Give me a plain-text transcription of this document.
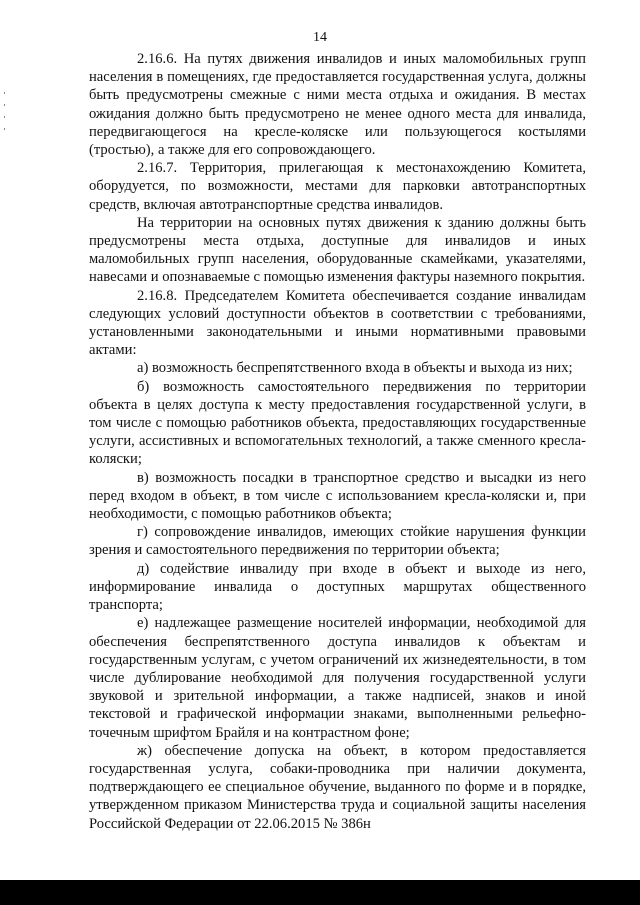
14

2.16.6. На путях движения инвалидов и иных маломобильных групп населения в помещениях, где предоставляется государственная услуга, должны быть предусмотрены смежные с ними места отдыха и ожидания. В местах ожидания должно быть предусмотрено не менее одного места для инвалида, передвигающегося на кресле-коляске или пользующегося костылями (тростью), а также для его сопровождающего.

2.16.7. Территория, прилегающая к местонахождению Комитета, оборудуется, по возможности, местами для парковки автотранспортных средств, включая автотранспортные средства инвалидов.

На территории на основных путях движения к зданию должны быть предусмотрены места отдыха, доступные для инвалидов и иных маломобильных групп населения, оборудованные скамейками, указателями, навесами и опознаваемые с помощью изменения фактуры наземного покрытия.

2.16.8. Председателем Комитета обеспечивается создание инвалидам следующих условий доступности объектов в соответствии с требованиями, установленными законодательными и иными нормативными правовыми актами:

а) возможность беспрепятственного входа в объекты и выхода из них;

б) возможность самостоятельного передвижения по территории объекта в целях доступа к месту предоставления государственной услуги, в том числе с помощью работников объекта, предоставляющих государственные услуги, ассистивных и вспомогательных технологий, а также сменного кресла-коляски;

в) возможность посадки в транспортное средство и высадки из него перед входом в объект, в том числе с использованием кресла-коляски и, при необходимости, с помощью работников объекта;

г) сопровождение инвалидов, имеющих стойкие нарушения функции зрения и самостоятельного передвижения по территории объекта;

д) содействие инвалиду при входе в объект и выходе из него, информирование инвалида о доступных маршрутах общественного транспорта;

е) надлежащее размещение носителей информации, необходимой для обеспечения беспрепятственного доступа инвалидов к объектам и государственным услугам, с учетом ограничений их жизнедеятельности, в том числе дублирование необходимой для получения государственной услуги звуковой и зрительной информации, а также надписей, знаков и иной текстовой и графической информации знаками, выполненными рельефно-точечным шрифтом Брайля и на контрастном фоне;

ж) обеспечение допуска на объект, в котором предоставляется государственная услуга, собаки-проводника при наличии документа, подтверждающего ее специальное обучение, выданного по форме и в порядке, утвержденном приказом Министерства труда и социальной защиты населения Российской Федерации от 22.06.2015 № 386н
